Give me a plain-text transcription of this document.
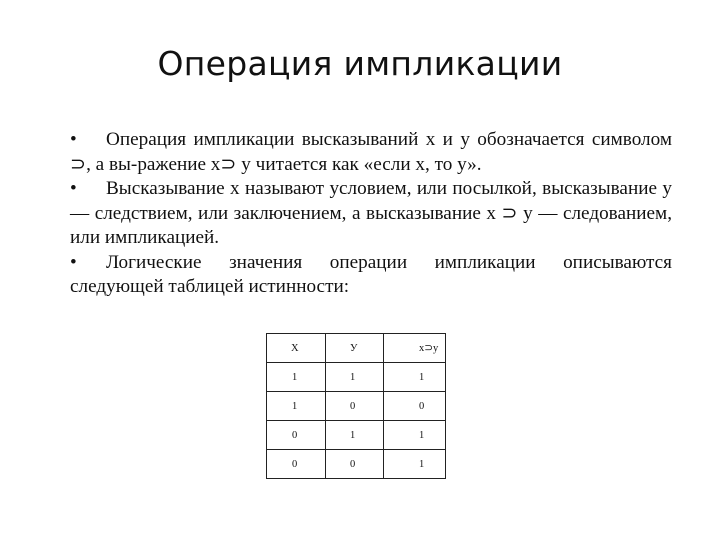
Операция импликации

• Операция импликации высказываний х и у обозначается символом ⊃, а вы-ражение х⊃ у читается как «если х, то у».

• Высказывание х называют условием, или посылкой, высказывание у — следствием, или заключением, а высказывание х ⊃ у — следованием, или импликацией.

• Логические значения операции импликации описываются следующей таблицей истинности:

X	У	х⊃у
1	1	1
1	0	0
0	1	1
0	0	1
